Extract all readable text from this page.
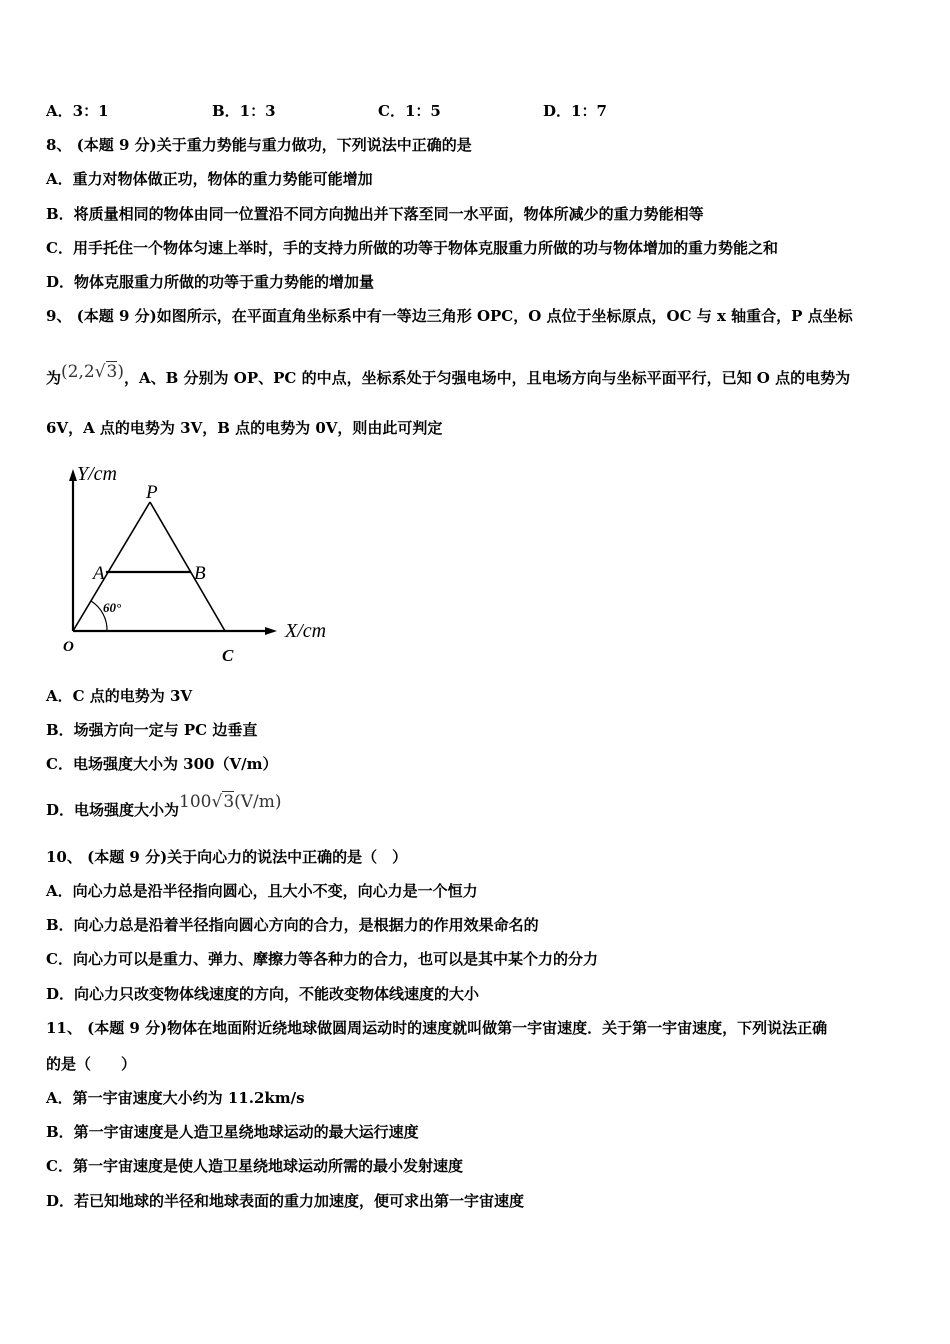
A．3：1	B．1：3	C．1：5	D．1：7
8、 (本题 9 分)关于重力势能与重力做功，下列说法中正确的是
A．重力对物体做正功，物体的重力势能可能增加
B．将质量相同的物体由同一位置沿不同方向抛出并下落至同一水平面，物体所减少的重力势能相等
C．用手托住一个物体匀速上举时，手的支持力所做的功等于物体克服重力所做的功与物体增加的重力势能之和
D．物体克服重力所做的功等于重力势能的增加量
9、 (本题 9 分)如图所示，在平面直角坐标系中有一等边三角形 OPC，O 点位于坐标原点，OC 与 x 轴重合，P 点坐标
为(2,2√3)，A、B 分别为 OP、PC 的中点，坐标系处于匀强电场中，且电场方向与坐标平面平行，已知 O 点的电势为
6V，A 点的电势为 3V，B 点的电势为 0V，则由此可判定
Y/cm
X/cm
P
A	B
O	C
60°
A．C 点的电势为 3V
B．场强方向一定与 PC 边垂直
C．电场强度大小为 300（V/m）
D．电场强度大小为100√3(V/m)
10、 (本题 9 分)关于向心力的说法中正确的是（　）
A．向心力总是沿半径指向圆心，且大小不变，向心力是一个恒力
B．向心力总是沿着半径指向圆心方向的合力，是根据力的作用效果命名的
C．向心力可以是重力、弹力、摩擦力等各种力的合力，也可以是其中某个力的分力
D．向心力只改变物体线速度的方向，不能改变物体线速度的大小
11、 (本题 9 分)物体在地面附近绕地球做圆周运动时的速度就叫做第一宇宙速度．关于第一宇宙速度，下列说法正确
的是（　　）
A．第一宇宙速度大小约为 11.2km/s
B．第一宇宙速度是人造卫星绕地球运动的最大运行速度
C．第一宇宙速度是使人造卫星绕地球运动所需的最小发射速度
D．若已知地球的半径和地球表面的重力加速度，便可求出第一宇宙速度
